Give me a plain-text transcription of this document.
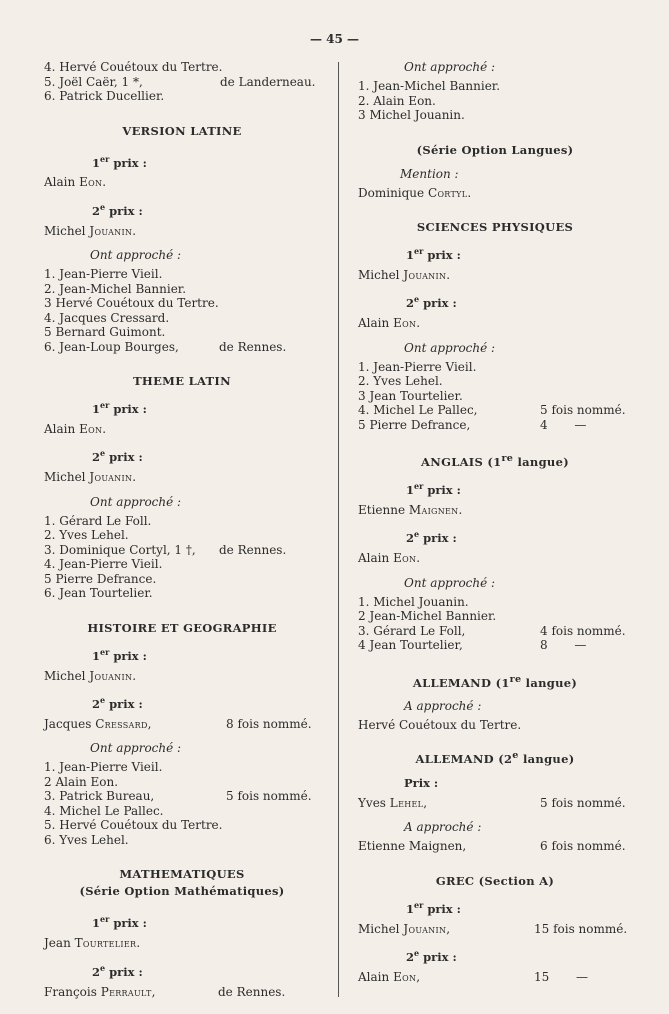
— 45 —
4. Hervé Couétoux du Tertre.
5. Joël Caër, 1 *,	de Landerneau.
6. Patrick Ducellier.
VERSION LATINE
1er prix :
Alain Eon.
2e prix :
Michel Jouanin.
Ont approché :
1. Jean-Pierre Vieil.
2. Jean-Michel Bannier.
3 Hervé Couétoux du Tertre.
4. Jacques Cressard.
5 Bernard Guimont.
6. Jean-Loup Bourges,	de Rennes.
THEME LATIN
1er prix :
Alain Eon.
2e prix :
Michel Jouanin.
Ont approché :
1. Gérard Le Foll.
2. Yves Lehel.
3. Dominique Cortyl, 1 †, de Rennes.
4. Jean-Pierre Vieil.
5 Pierre Defrance.
6. Jean Tourtelier.
HISTOIRE ET GEOGRAPHIE
1er prix :
Michel Jouanin.
2e prix :
Jacques Cressard,	8 fois nommé.
Ont approché :
1. Jean-Pierre Vieil.
2 Alain Eon.
3. Patrick Bureau,	5 fois nommé.
4. Michel Le Pallec.
5. Hervé Couétoux du Tertre.
6. Yves Lehel.
MATHEMATIQUES
(Série Option Mathématiques)
1er prix :
Jean Tourtelier.
2e prix :
François Perrault,	de Rennes.
Ont approché :
1. Jean-Michel Bannier.
2. Alain Eon.
3 Michel Jouanin.
(Série Option Langues)
Mention :
Dominique Cortyl.
SCIENCES PHYSIQUES
1er prix :
Michel Jouanin.
2e prix :
Alain Eon.
Ont approché :
1. Jean-Pierre Vieil.
2. Yves Lehel.
3 Jean Tourtelier.
4. Michel Le Pallec,	5 fois nommé.
5 Pierre Defrance,	4       —
ANGLAIS (1re langue)
1er prix :
Etienne Maignen.
2e prix :
Alain Eon.
Ont approché :
1. Michel Jouanin.
2 Jean-Michel Bannier.
3. Gérard Le Foll,	4 fois nommé.
4 Jean Tourtelier,	8       —
ALLEMAND (1re langue)
A approché :
Hervé Couétoux du Tertre.
ALLEMAND (2e langue)
Prix :
Yves Lehel,	5 fois nommé.
A approché :
Etienne Maignen,	6 fois nommé.
GREC (Section A)
1er prix :
Michel Jouanin,	15 fois nommé.
2e prix :
Alain Eon,	15       —
